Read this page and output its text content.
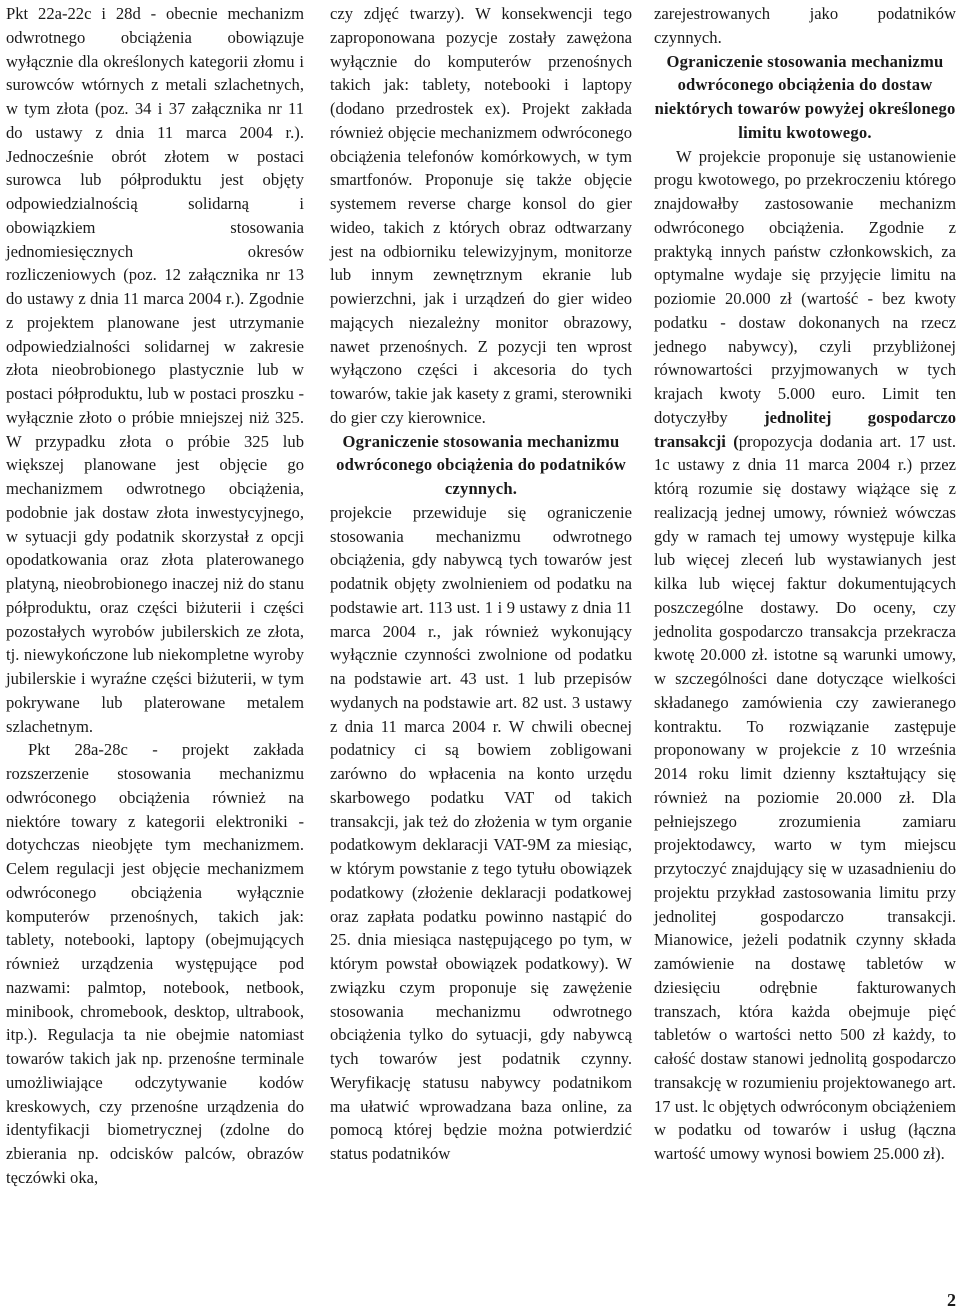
Pkt 22a-22c i 28d - obecnie mechanizm odwrotnego obciążenia obowiązuje wyłącznie dla określonych kategorii złomu i surowców wtórnych z metali szlachetnych, w tym złota (poz. 34 i 37 załącznika nr 11 do ustawy z dnia 11 marca 2004 r.). Jednocześnie obrót złotem w postaci surowca lub półproduktu jest objęty odpowiedzialnością solidarną i obowiązkiem stosowania jednomiesięcznych okresów rozliczeniowych (poz. 12 załącznika nr 13 do ustawy z dnia 11 marca 2004 r.). Zgodnie z projektem planowane jest utrzymanie odpowiedzialności solidarnej w zakresie złota nieobrobionego plastycznie lub w postaci półproduktu, lub w postaci proszku - wyłącznie złoto o próbie mniejszej niż 325. W przypadku złota o próbie 325 lub większej planowane jest objęcie go mechanizmem odwrotnego obciążenia, podobnie jak dostaw złota inwestycyjnego, w sytuacji gdy podatnik skorzystał z opcji opodatkowania oraz złota platerowanego platyną, nieobrobionego inaczej niż do stanu półproduktu, oraz części biżuterii i części pozostałych wyrobów jubilerskich ze złota, tj. niewykończone lub niekompletne wyroby jubilerskie i wyraźne części biżuterii, w tym pokrywane lub platerowane metalem szlachetnym.

Pkt 28a-28c - projekt zakłada rozszerzenie stosowania mechanizmu odwróconego obciążenia również na niektóre towary z kategorii elektroniki - dotychczas nieobjęte tym mechanizmem. Celem regulacji jest objęcie mechanizmem odwróconego obciążenia wyłącznie komputerów przenośnych, takich jak: tablety, notebooki, laptopy (obejmujących również urządzenia występujące pod nazwami: palmtop, notebook, netbook, minibook, chromebook, desktop, ultrabook, itp.). Regulacja ta nie obejmie natomiast towarów takich jak np. przenośne terminale umożliwiające odczytywanie kodów kreskowych, czy przenośne urządzenia do identyfikacji biometrycznej (zdolne do zbierania np. odcisków palców, obrazów tęczówki oka,

czy zdjęć twarzy). W konsekwencji tego zaproponowana pozycje zostały zawężona wyłącznie do komputerów przenośnych takich jak: tablety, notebooki i laptopy (dodano przedrostek ex). Projekt zakłada również objęcie mechanizmem odwróconego obciążenia telefonów komórkowych, w tym smartfonów. Proponuje się także objęcie systemem reverse charge konsol do gier wideo, takich z których obraz odtwarzany jest na odbiorniku telewizyjnym, monitorze lub innym zewnętrznym ekranie lub powierzchni, jak i urządzeń do gier wideo mających niezależny monitor obrazowy, nawet przenośnych. Z pozycji ten wprost wyłączono części i akcesoria do tych towarów, takie jak kasety z grami, sterowniki do gier czy kierownice.

Ograniczenie stosowania mechanizmu odwróconego obciążenia do podatników czynnych.

projekcie przewiduje się ograniczenie stosowania mechanizmu odwrotnego obciążenia, gdy nabywcą tych towarów jest podatnik objęty zwolnieniem od podatku na podstawie art. 113 ust. 1 i 9 ustawy z dnia 11 marca 2004 r., jak również wykonujący wyłącznie czynności zwolnione od podatku na podstawie art. 43 ust. 1 lub przepisów wydanych na podstawie art. 82 ust. 3 ustawy z dnia 11 marca 2004 r. W chwili obecnej podatnicy ci są bowiem zobligowani zarówno do wpłacenia na konto urzędu skarbowego podatku VAT od takich transakcji, jak też do złożenia w tym organie podatkowym deklaracji VAT-9M za miesiąc, w którym powstanie z tego tytułu obowiązek podatkowy (złożenie deklaracji podatkowej oraz zapłata podatku powinno nastąpić do 25. dnia miesiąca następującego po tym, w którym powstał obowiązek podatkowy). W związku czym proponuje się zawężenie stosowania mechanizmu odwrotnego obciążenia tylko do sytuacji, gdy nabywcą tych towarów jest podatnik czynny. Weryfikację statusu nabywcy podatnikom ma ułatwić wprowadzana baza online, za pomocą której będzie można potwierdzić status podatników

zarejestrowanych jako podatników czynnych.

Ograniczenie stosowania mechanizmu odwróconego obciążenia do dostaw niektórych towarów powyżej określonego limitu kwotowego.

W projekcie proponuje się ustanowienie progu kwotowego, po przekroczeniu którego znajdowałby zastosowanie mechanizm odwróconego obciążenia. Zgodnie z praktyką innych państw członkowskich, za optymalne wydaje się przyjęcie limitu na poziomie 20.000 zł (wartość - bez kwoty podatku - dostaw dokonanych na rzecz jednego nabywcy), czyli przybliżonej równowartości przyjmowanych w tych krajach kwoty 5.000 euro. Limit ten dotyczyłby jednolitej gospodarczo transakcji (propozycja dodania art. 17 ust. 1c ustawy z dnia 11 marca 2004 r.) przez którą rozumie się dostawy wiążące się z realizacją jednej umowy, również wówczas gdy w ramach tej umowy występuje kilka lub więcej zleceń lub wystawianych jest kilka lub więcej faktur dokumentujących poszczególne dostawy. Do oceny, czy jednolita gospodarczo transakcja przekracza kwotę 20.000 zł. istotne są warunki umowy, w szczególności dane dotyczące wielkości składanego zamówienia czy zawieranego kontraktu. To rozwiązanie zastępuje proponowany w projekcie z 10 września 2014 roku limit dzienny kształtujący się również na poziomie 20.000 zł. Dla pełniejszego zrozumienia zamiaru projektodawcy, warto w tym miejscu przytoczyć znajdujący się w uzasadnieniu do projektu przykład zastosowania limitu przy jednolitej gospodarczo transakcji. Mianowice, jeżeli podatnik czynny składa zamówienie na dostawę tabletów w dziesięciu odrębnie fakturowanych transzach, która każda obejmuje pięć tabletów o wartości netto 500 zł każdy, to całość dostaw stanowi jednolitą gospodarczo transakcję w rozumieniu projektowanego art. 17 ust. lc objętych odwróconym obciążeniem w podatku od towarów i usług (łączna wartość umowy wynosi bowiem 25.000 zł).

2
